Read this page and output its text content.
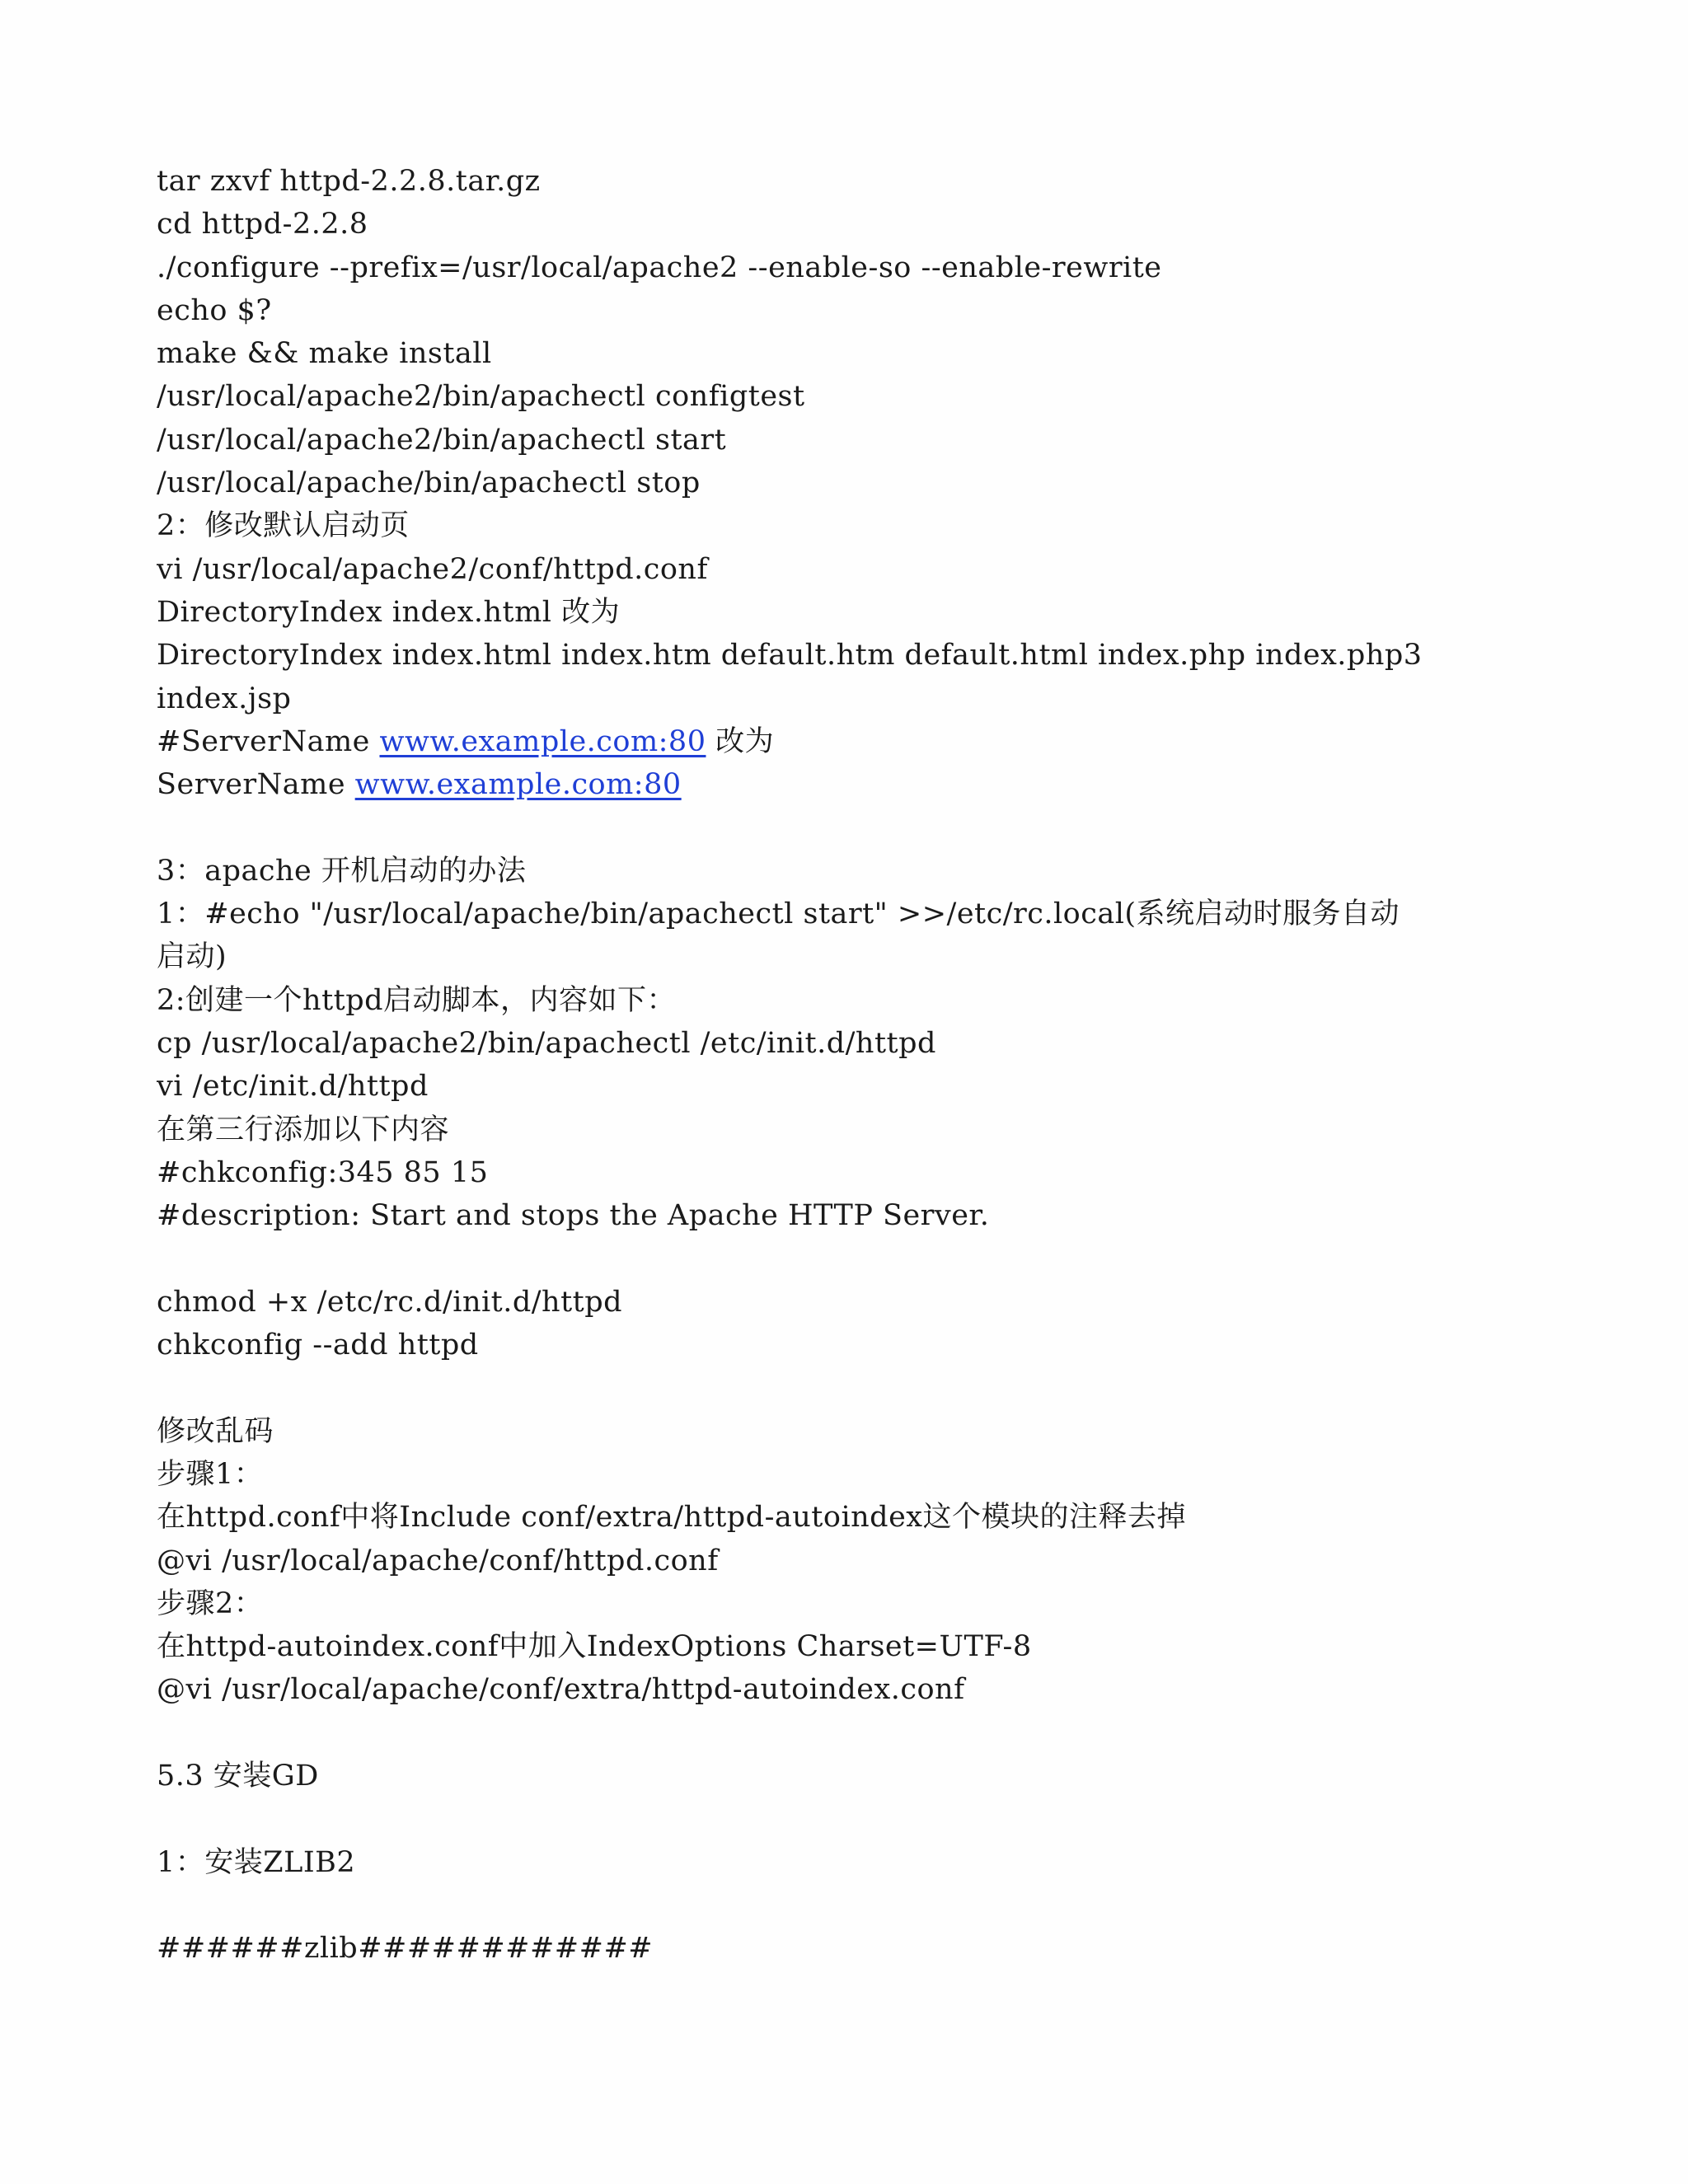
tar zxvf httpd-2.2.8.tar.gz
cd httpd-2.2.8
./configure --prefix=/usr/local/apache2 --enable-so --enable-rewrite
echo $?
make && make install
/usr/local/apache2/bin/apachectl configtest
/usr/local/apache2/bin/apachectl start
/usr/local/apache/bin/apachectl stop
2：修改默认启动页
vi /usr/local/apache2/conf/httpd.conf
DirectoryIndex index.html 改为
DirectoryIndex index.html index.htm default.htm default.html index.php index.php3
index.jsp
#ServerName www.example.com:80 改为
ServerName www.example.com:80
3：apache 开机启动的办法
1：#echo "/usr/local/apache/bin/apachectl start" >>/etc/rc.local(系统启动时服务自动
启动)
2:创建一个httpd启动脚本，内容如下：
cp /usr/local/apache2/bin/apachectl /etc/init.d/httpd
vi /etc/init.d/httpd
在第三行添加以下内容
#chkconfig:345 85 15
#description: Start and stops the Apache HTTP Server.
chmod +x /etc/rc.d/init.d/httpd
chkconfig --add httpd
修改乱码
步骤1：
在httpd.conf中将Include conf/extra/httpd-autoindex这个模块的注释去掉
@vi /usr/local/apache/conf/httpd.conf
步骤2：
在httpd-autoindex.conf中加入IndexOptions Charset=UTF-8
@vi /usr/local/apache/conf/extra/httpd-autoindex.conf
5.3 安装GD
1：安装ZLIB2
######zlib############
